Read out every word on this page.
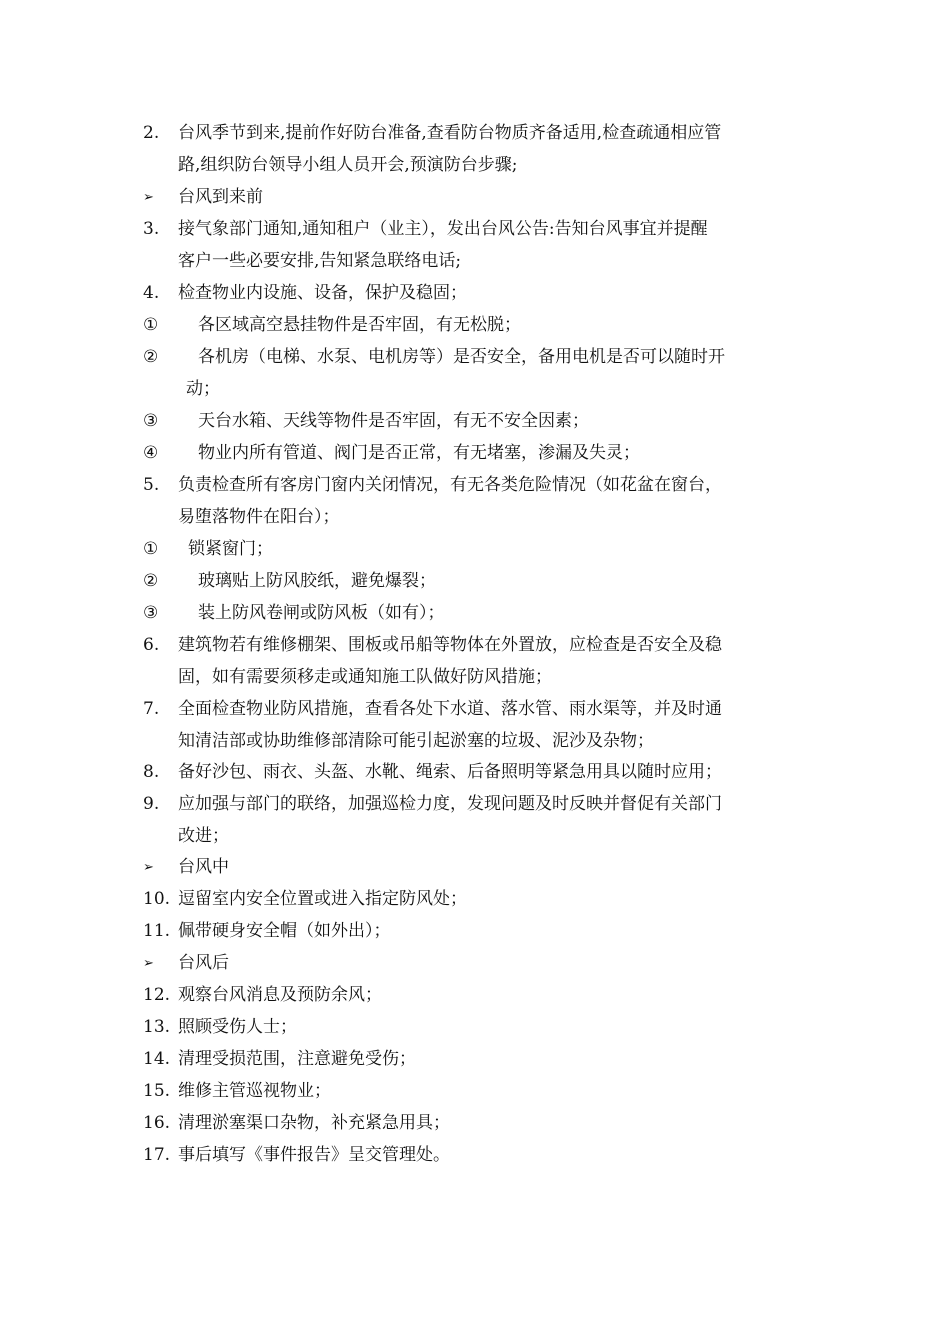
2. 台风季节到来,提前作好防台准备,查看防台物质齐备适用,检查疏通相应管
路,组织防台领导小组人员开会,预演防台步骤;
➢ 台风到来前
3. 接气象部门通知,通知租户（业主），发出台风公告:告知台风事宜并提醒
客户一些必要安排,告知紧急联络电话;
4. 检查物业内设施、设备，保护及稳固；
① 各区域高空悬挂物件是否牢固，有无松脱；
② 各机房（电梯、水泵、电机房等）是否安全，备用电机是否可以随时开
动；
③ 天台水箱、天线等物件是否牢固，有无不安全因素；
④ 物业内所有管道、阀门是否正常，有无堵塞，渗漏及失灵；
5. 负责检查所有客房门窗内关闭情况，有无各类危险情况（如花盆在窗台，
易堕落物件在阳台）；
① 锁紧窗门；
② 玻璃贴上防风胶纸，避免爆裂；
③ 装上防风卷闸或防风板（如有）；
6. 建筑物若有维修棚架、围板或吊船等物体在外置放，应检查是否安全及稳
固，如有需要须移走或通知施工队做好防风措施；
7. 全面检查物业防风措施，查看各处下水道、落水管、雨水渠等，并及时通
知清洁部或协助维修部清除可能引起淤塞的垃圾、泥沙及杂物；
8. 备好沙包、雨衣、头盔、水靴、绳索、后备照明等紧急用具以随时应用；
9. 应加强与部门的联络，加强巡检力度，发现问题及时反映并督促有关部门
改进；
➢ 台风中
10. 逗留室内安全位置或进入指定防风处；
11. 佩带硬身安全帽（如外出）；
➢ 台风后
12. 观察台风消息及预防余风；
13. 照顾受伤人士；
14. 清理受损范围，注意避免受伤；
15. 维修主管巡视物业；
16. 清理淤塞渠口杂物，补充紧急用具；
17. 事后填写《事件报告》呈交管理处。
